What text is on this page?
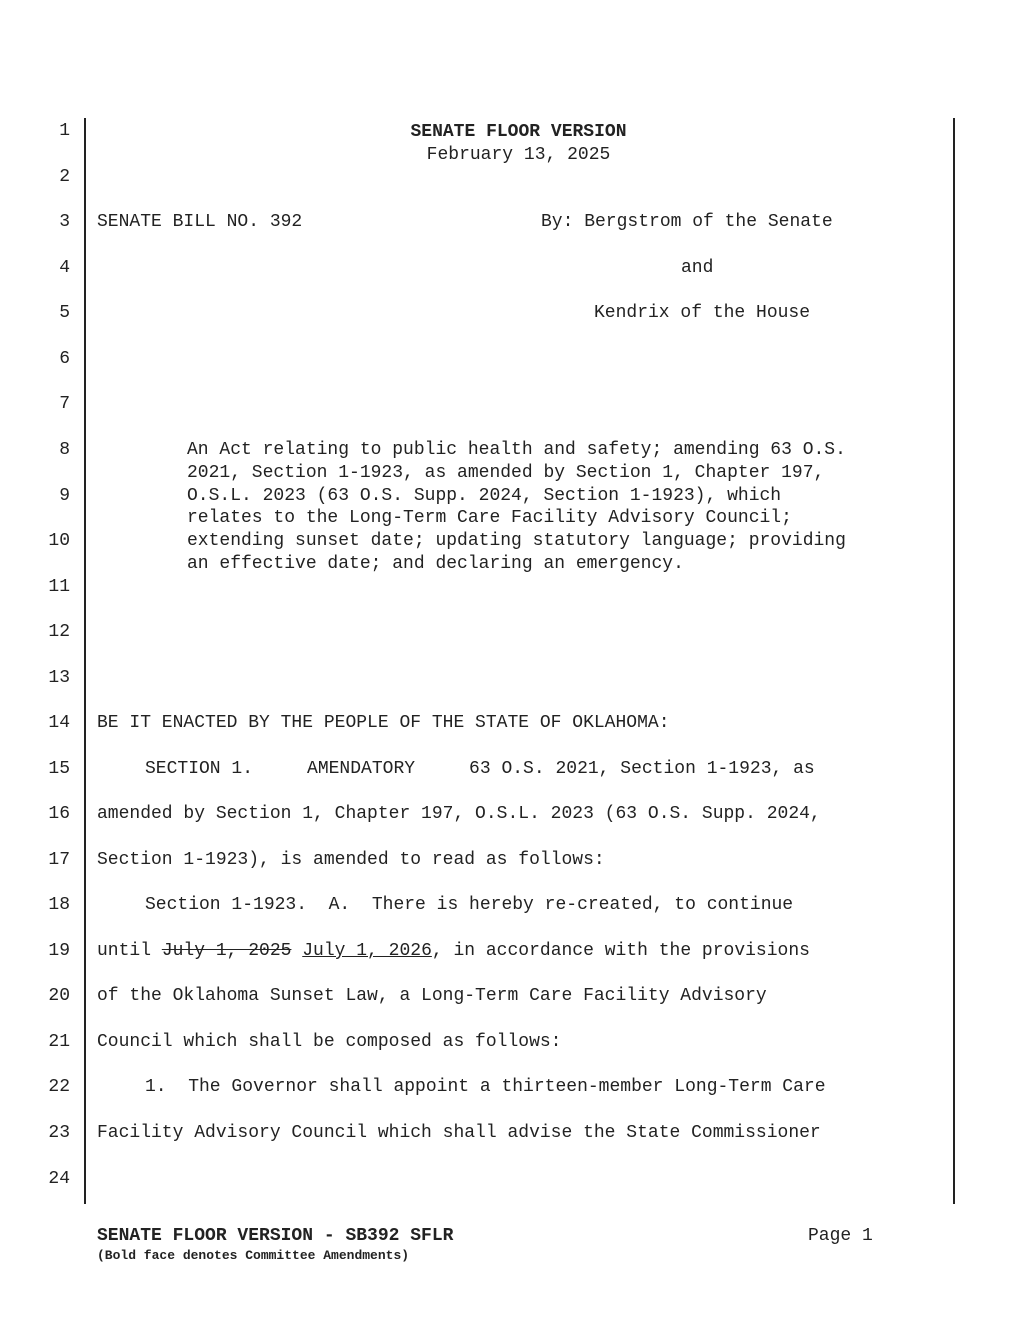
1
2
3
4
5
6
7
8
9
10
11
12
13
14
15
16
17
18
19
20
21
22
23
24
SENATE FLOOR VERSION
February 13, 2025
SENATE BILL NO. 392	By: Bergstrom of the Senate
and
Kendrix of the House
An Act relating to public health and safety; amending 63 O.S. 2021, Section 1-1923, as amended by Section 1, Chapter 197, O.S.L. 2023 (63 O.S. Supp. 2024, Section 1-1923), which relates to the Long-Term Care Facility Advisory Council; extending sunset date; updating statutory language; providing an effective date; and declaring an emergency.
BE IT ENACTED BY THE PEOPLE OF THE STATE OF OKLAHOMA:
SECTION 1.     AMENDATORY     63 O.S. 2021, Section 1-1923, as
amended by Section 1, Chapter 197, O.S.L. 2023 (63 O.S. Supp. 2024,
Section 1-1923), is amended to read as follows:
Section 1-1923.  A.  There is hereby re-created, to continue
until July 1, 2025 July 1, 2026, in accordance with the provisions
of the Oklahoma Sunset Law, a Long-Term Care Facility Advisory
Council which shall be composed as follows:
1.  The Governor shall appoint a thirteen-member Long-Term Care
Facility Advisory Council which shall advise the State Commissioner
SENATE FLOOR VERSION - SB392 SFLR
(Bold face denotes Committee Amendments)
Page 1
